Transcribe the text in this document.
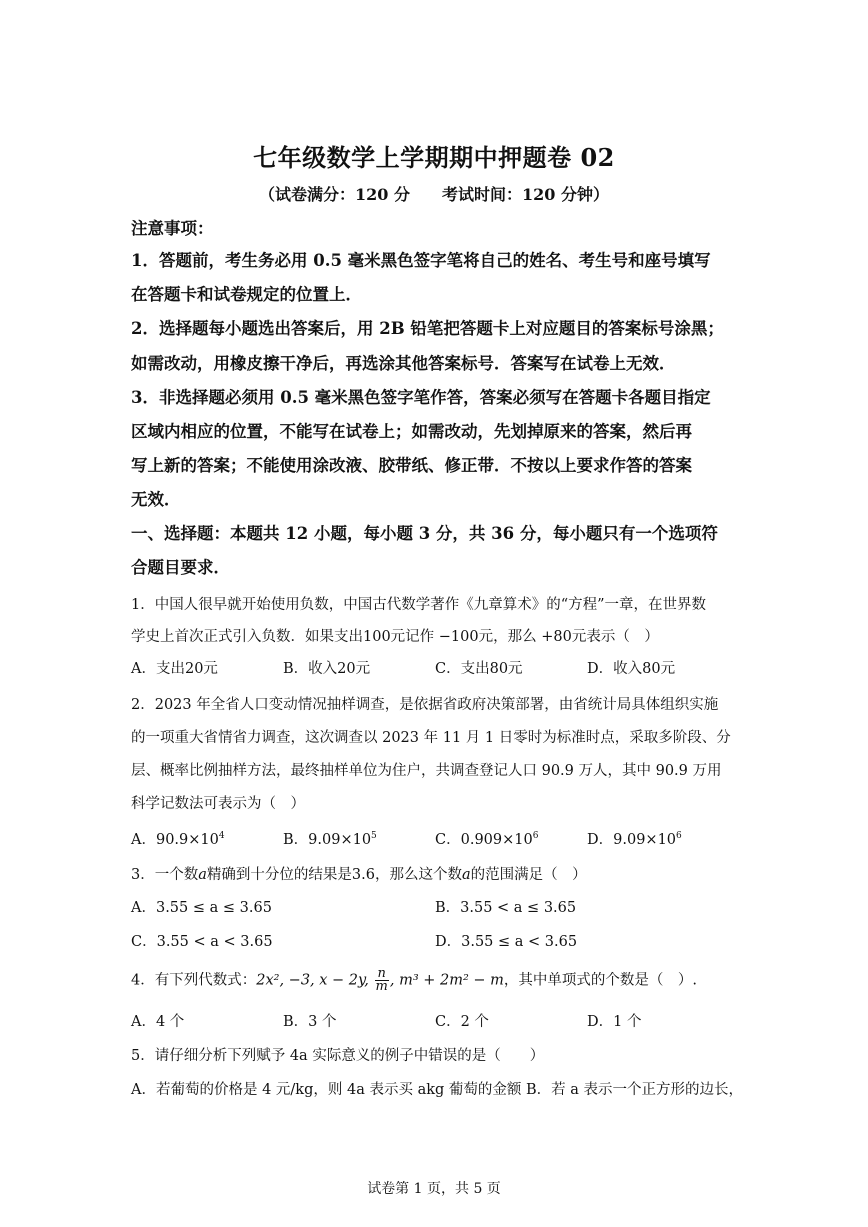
七年级数学上学期期中押题卷 02
（试卷满分：120 分　　考试时间：120 分钟）
注意事项：
1．答题前，考生务必用 0.5 毫米黑色签字笔将自己的姓名、考生号和座号填写
在答题卡和试卷规定的位置上．
2．选择题每小题选出答案后，用 2B 铅笔把答题卡上对应题目的答案标号涂黑；
如需改动，用橡皮擦干净后，再选涂其他答案标号．答案写在试卷上无效．
3．非选择题必须用 0.5 毫米黑色签字笔作答，答案必须写在答题卡各题目指定
区域内相应的位置，不能写在试卷上；如需改动，先划掉原来的答案，然后再
写上新的答案；不能使用涂改液、胶带纸、修正带．不按以上要求作答的答案
无效．
一、选择题：本题共 12 小题，每小题 3 分，共 36 分，每小题只有一个选项符
合题目要求．
1．中国人很早就开始使用负数，中国古代数学著作《九章算术》的“方程”一章，在世界数
学史上首次正式引入负数．如果支出100元记作 −100元，那么 +80元表示（　）
A．支出20元	B．收入20元	C．支出80元	D．收入80元
2．2023 年全省人口变动情况抽样调查，是依据省政府决策部署，由省统计局具体组织实施
的一项重大省情省力调查，这次调查以 2023 年 11 月 1 日零时为标准时点，采取多阶段、分
层、概率比例抽样方法，最终抽样单位为住户，共调查登记人口 90.9 万人，其中 90.9 万用
科学记数法可表示为（　）
A．$90.9\times 10^4$	B．$9.09\times 10^5$	C．$0.909\times 10^6$	D．$9.09\times 10^6$
3．一个数a精确到十分位的结果是3.6，那么这个数a的范围满足（　）
A．3.55 ≤ a ≤ 3.65	B．3.55 < a ≤ 3.65
C．3.55 < a < 3.65	D．3.55 ≤ a < 3.65
4．有下列代数式：2x², −3, x − 2y, $\frac{n}{m}$ , m³ + 2m² − m，其中单项式的个数是（　）.
A．4 个	B．3 个	C．2 个	D．1 个
5．请仔细分析下列赋予 4a 实际意义的例子中错误的是（　　）
A．若葡萄的价格是 4 元/kg，则 4a 表示买 akg 葡萄的金额 B．若 a 表示一个正方形的边长，
试卷第 1 页，共 5 页
